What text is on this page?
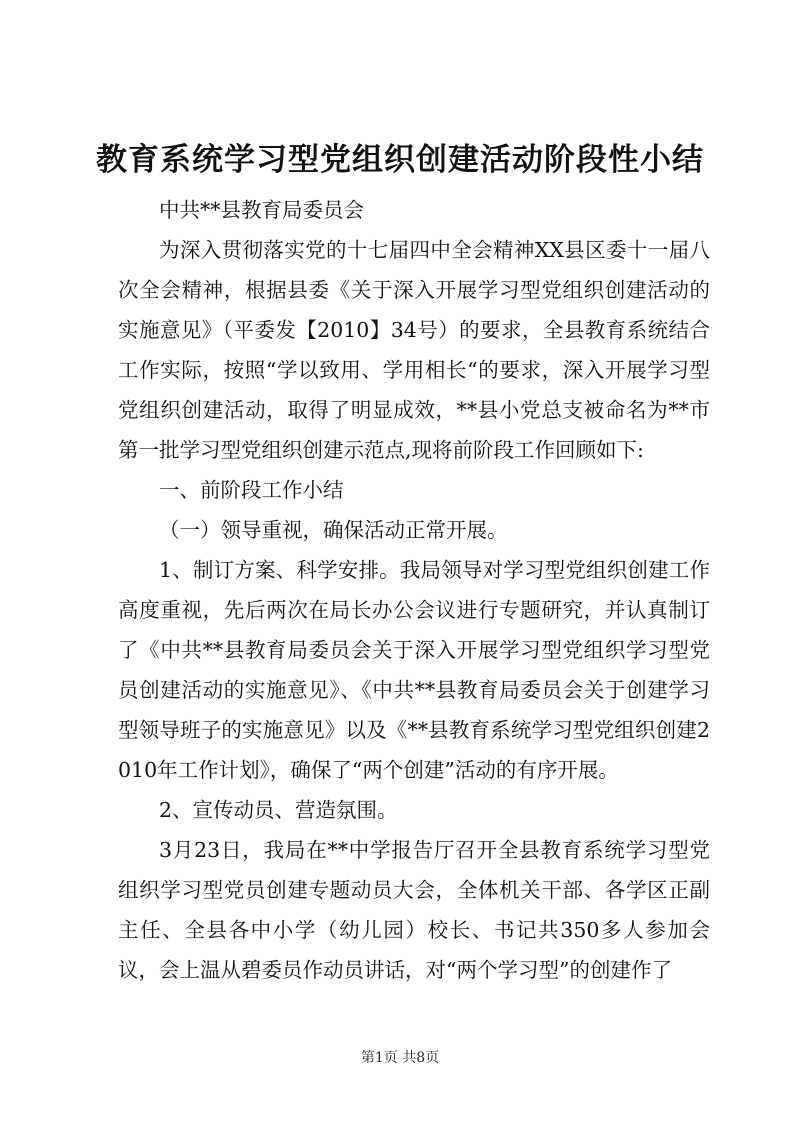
教育系统学习型党组织创建活动阶段性小结

中共**县教育局委员会

为深入贯彻落实党的十七届四中全会精神XX县区委十一届八次全会精神，根据县委《关于深入开展学习型党组织创建活动的实施意见》（平委发【2010】34号）的要求，全县教育系统结合工作实际，按照“学以致用、学用相长“的要求，深入开展学习型党组织创建活动，取得了明显成效，**县小党总支被命名为**市第一批学习型党组织创建示范点,现将前阶段工作回顾如下:

一、前阶段工作小结

（一）领导重视，确保活动正常开展。

1、制订方案、科学安排。我局领导对学习型党组织创建工作高度重视，先后两次在局长办公会议进行专题研究，并认真制订了《中共**县教育局委员会关于深入开展学习型党组织学习型党员创建活动的实施意见》、《中共**县教育局委员会关于创建学习型领导班子的实施意见》以及《**县教育系统学习型党组织创建2010年工作计划》，确保了“两个创建”活动的有序开展。

2、宣传动员、营造氛围。

3月23日，我局在**中学报告厅召开全县教育系统学习型党组织学习型党员创建专题动员大会，全体机关干部、各学区正副主任、全县各中小学（幼儿园）校长、书记共350多人参加会议，会上温从碧委员作动员讲话，对“两个学习型”的创建作了

第1页 共8页
